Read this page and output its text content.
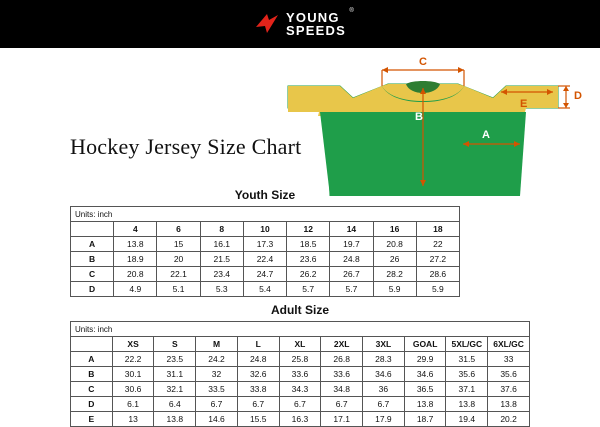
YOUNG ®
SPEEDS
C
A
B
D
E
Hockey Jersey Size Chart
Youth Size
Units: inch								
	4	6	8	10	12	14	16	18
A	13.8	15	16.1	17.3	18.5	19.7	20.8	22
B	18.9	20	21.5	22.4	23.6	24.8	26	27.2
C	20.8	22.1	23.4	24.7	26.2	26.7	28.2	28.6
D	4.9	5.1	5.3	5.4	5.7	5.7	5.9	5.9
Adult Size
Units: inch										
	XS	S	M	L	XL	2XL	3XL	GOAL	5XL/GC	6XL/GC
A	22.2	23.5	24.2	24.8	25.8	26.8	28.3	29.9	31.5	33
B	30.1	31.1	32	32.6	33.6	33.6	34.6	34.6	35.6	35.6
C	30.6	32.1	33.5	33.8	34.3	34.8	36	36.5	37.1	37.6
D	6.1	6.4	6.7	6.7	6.7	6.7	6.7	13.8	13.8	13.8
E	13	13.8	14.6	15.5	16.3	17.1	17.9	18.7	19.4	20.2
